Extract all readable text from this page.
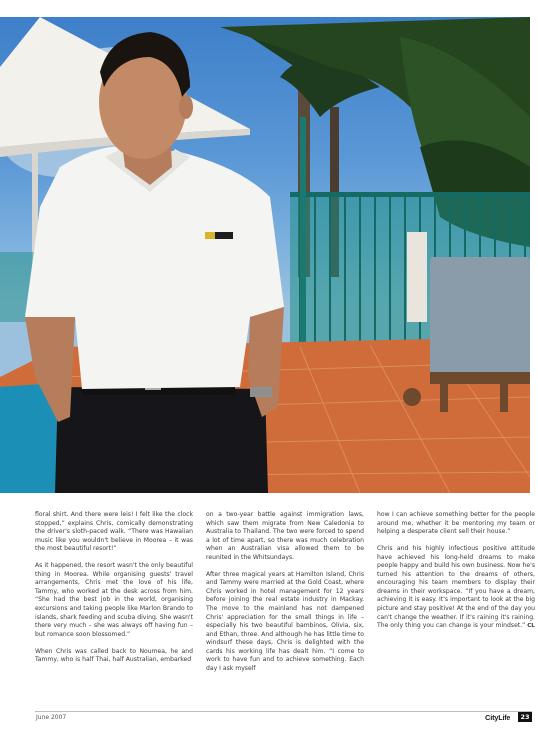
floral shirt. And there were leis! I felt like the clock stopped,” explains Chris, comically demonstrating the driver's sloth-paced walk. “There was Hawaiian music like you wouldn't believe in Moorea – it was the most beautiful resort!”

As it happened, the resort wasn't the only beautiful thing in Moorea. While organising guests' travel arrangements, Chris met the love of his life, Tammy, who worked at the desk across from him. “She had the best job in the world, organising excursions and taking people like Marlon Brando to islands, shark feeding and scuba diving. She wasn't there very much – she was always off having fun – but romance soon blossomed.”

When Chris was called back to Noumea, he and Tammy, who is half Thai, half Australian, embarked

on a two-year battle against immigration laws, which saw them migrate from New Caledonia to Australia to Thailand. The two were forced to spend a lot of time apart, so there was much celebration when an Australian visa allowed them to be reunited in the Whitsundays.

After three magical years at Hamilton Island, Chris and Tammy were married at the Gold Coast, where Chris worked in hotel management for 12 years before joining the real estate industry in Mackay. The move to the mainland has not dampened Chris' appreciation for the small things in life – especially his two beautiful bambinos, Olivia, six, and Ethan, three. And although he has little time to windsurf these days, Chris is delighted with the cards his working life has dealt him. “I come to work to have fun and to achieve something. Each day I ask myself

how I can achieve something better for the people around me, whether it be mentoring my team or helping a desperate client sell their house.”

Chris and his highly infectious positive attitude have achieved his long-held dreams to make people happy and build his own business. Now he's turned his attention to the dreams of others, encouraging his team members to display their dreams in their workspace. “If you have a dream, achieving it is easy. It's important to look at the big picture and stay positive! At the end of the day you can't change the weather. If it's raining it's raining. The only thing you can change is your mindset.” CL

June 2007	CityLife	23
